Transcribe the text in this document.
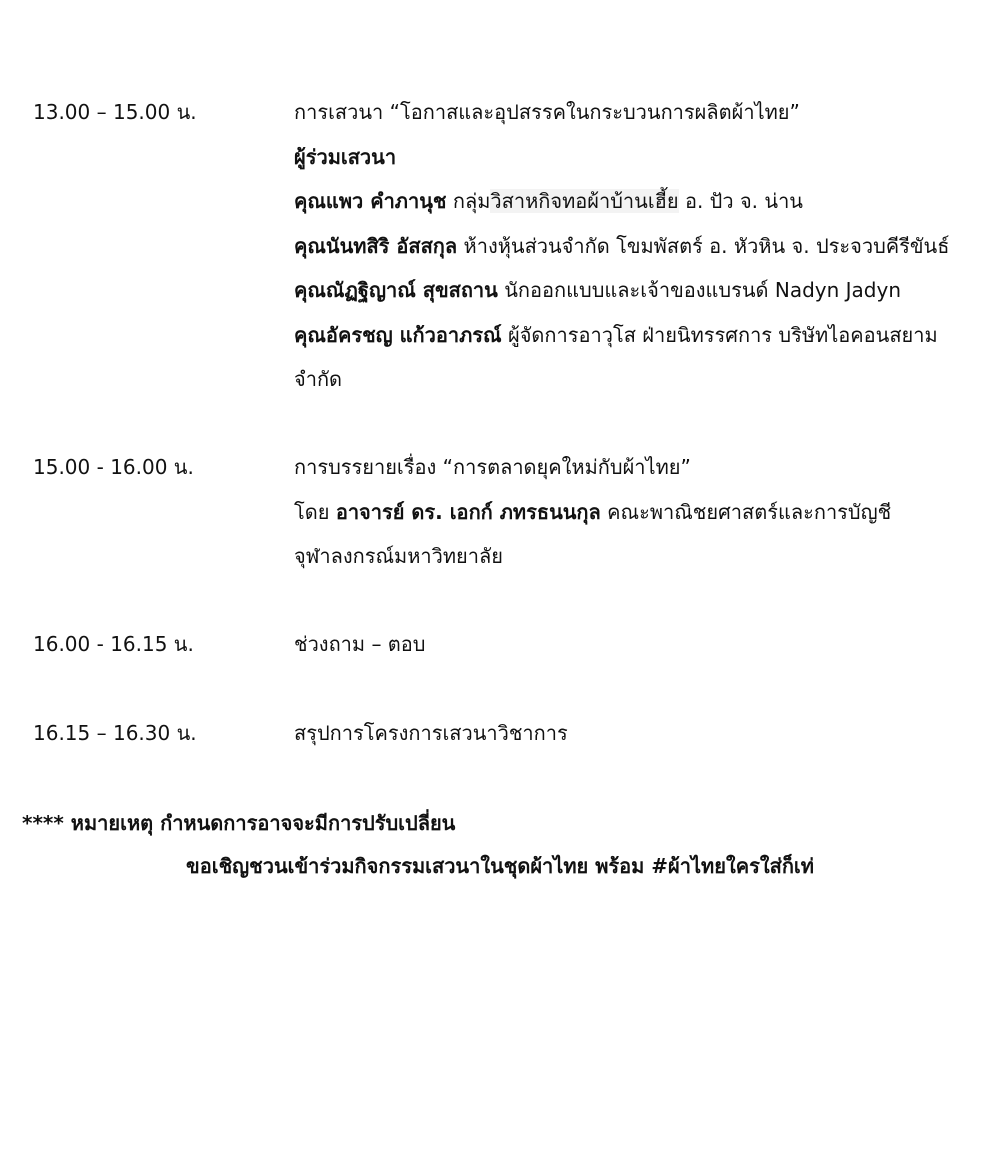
13.00 – 15.00 น.	การเสวนา “โอกาสและอุปสรรคในกระบวนการผลิตผ้าไทย”
ผู้ร่วมเสวนา
คุณแพว คำภานุช กลุ่มวิสาหกิจทอผ้าบ้านเฮี้ย อ. ปัว จ. น่าน
คุณนันทสิริ อัสสกุล ห้างหุ้นส่วนจำกัด โขมพัสตร์ อ. หัวหิน จ. ประจวบคีรีขันธ์
คุณณัฏฐิญาณ์ สุขสถาน นักออกแบบและเจ้าของแบรนด์ Nadyn Jadyn
คุณอัครชญ แก้วอาภรณ์ ผู้จัดการอาวุโส ฝ่ายนิทรรศการ บริษัทไอคอนสยาม
จำกัด
15.00 - 16.00 น.	การบรรยายเรื่อง “การตลาดยุคใหม่กับผ้าไทย”
โดย อาจารย์ ดร. เอกก์ ภทรธนนกุล คณะพาณิชยศาสตร์และการบัญชี
จุฬาลงกรณ์มหาวิทยาลัย
16.00 - 16.15 น.	ช่วงถาม – ตอบ
16.15 – 16.30 น.	สรุปการโครงการเสวนาวิชาการ
**** หมายเหตุ กำหนดการอาจจะมีการปรับเปลี่ยน
ขอเชิญชวนเข้าร่วมกิจกรรมเสวนาในชุดผ้าไทย พร้อม #ผ้าไทยใครใส่ก็เท่
